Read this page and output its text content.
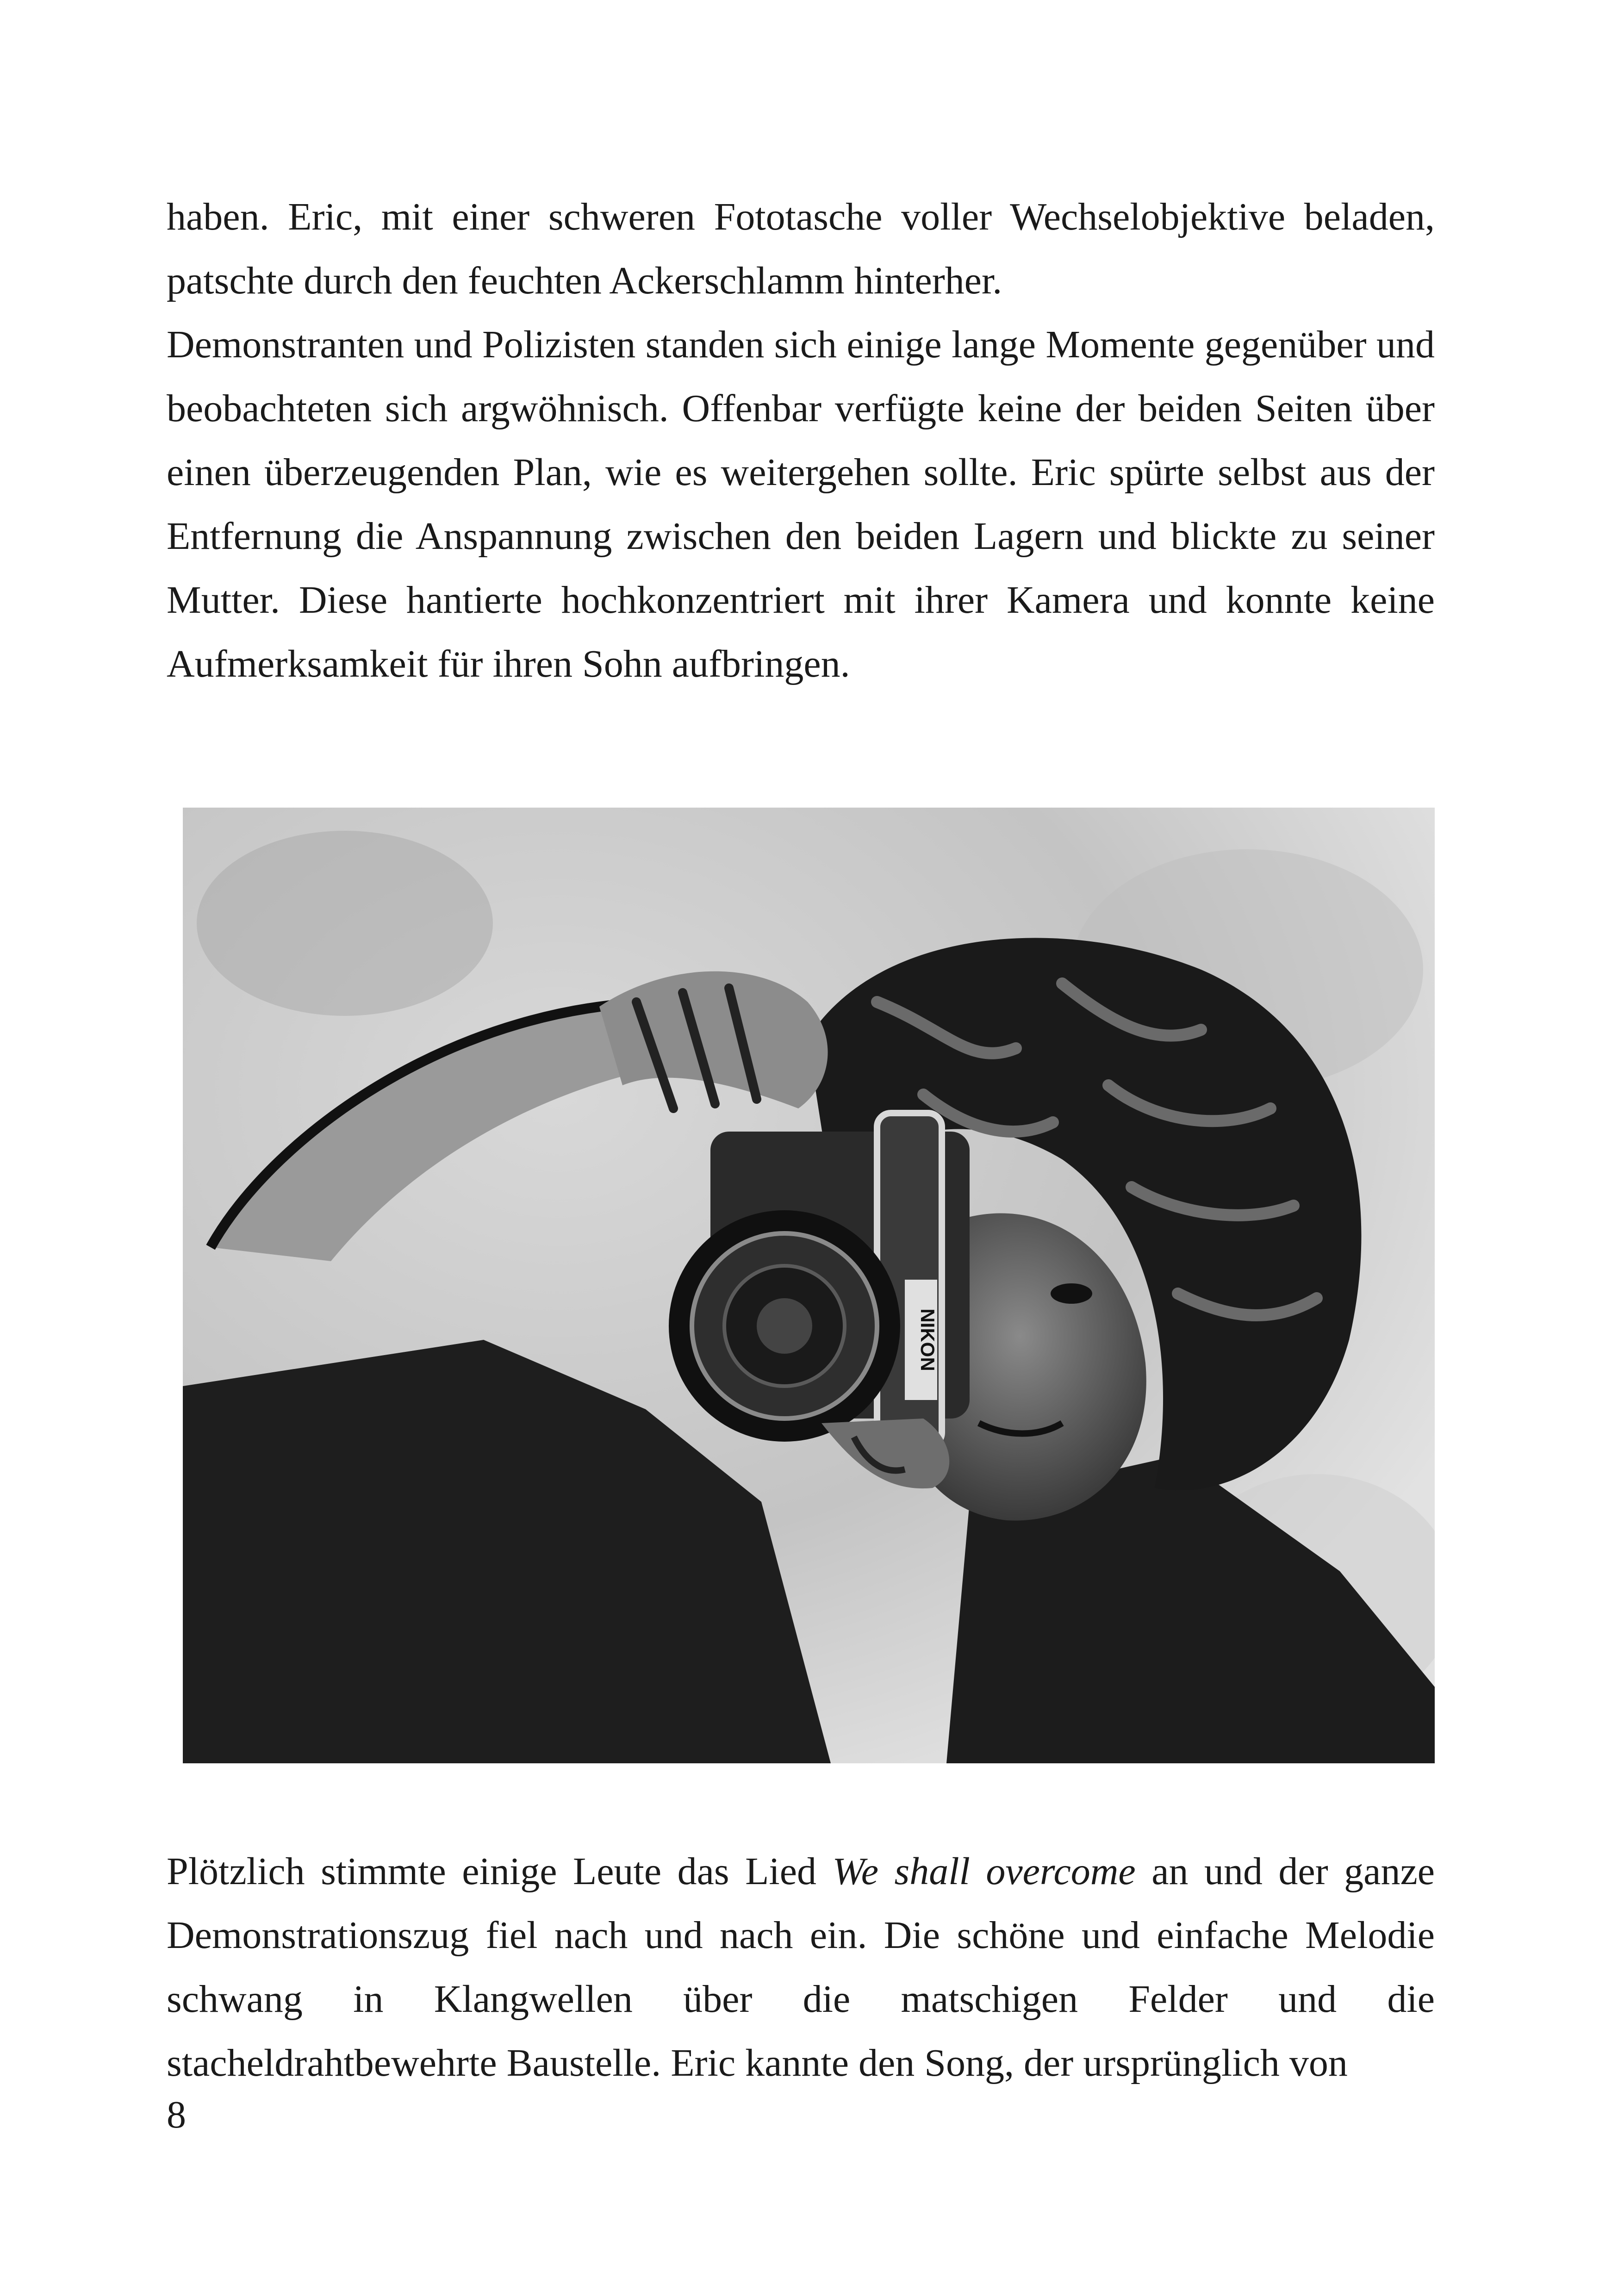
haben. Eric, mit einer schweren Fototasche voller Wechselobjektive beladen, patschte durch den feuchten Ackerschlamm hinterher.

Demonstranten und Polizisten standen sich einige lange Momente gegenüber und beobachteten sich argwöhnisch. Offenbar verfügte keine der beiden Seiten über einen überzeugenden Plan, wie es weitergehen sollte. Eric spürte selbst aus der Entfernung die Anspannung zwischen den beiden Lagern und blickte zu seiner Mutter. Diese hantierte hochkonzentriert mit ihrer Kamera und konnte keine Aufmerksamkeit für ihren Sohn aufbringen.

NIKON

Plötzlich stimmte einige Leute das Lied We shall overcome an und der ganze Demonstrationszug fiel nach und nach ein. Die schöne und einfache Melodie schwang in Klangwellen über die matschigen Felder und die stacheldrahtbewehrte Baustelle. Eric kannte den Song, der ursprünglich von

8
